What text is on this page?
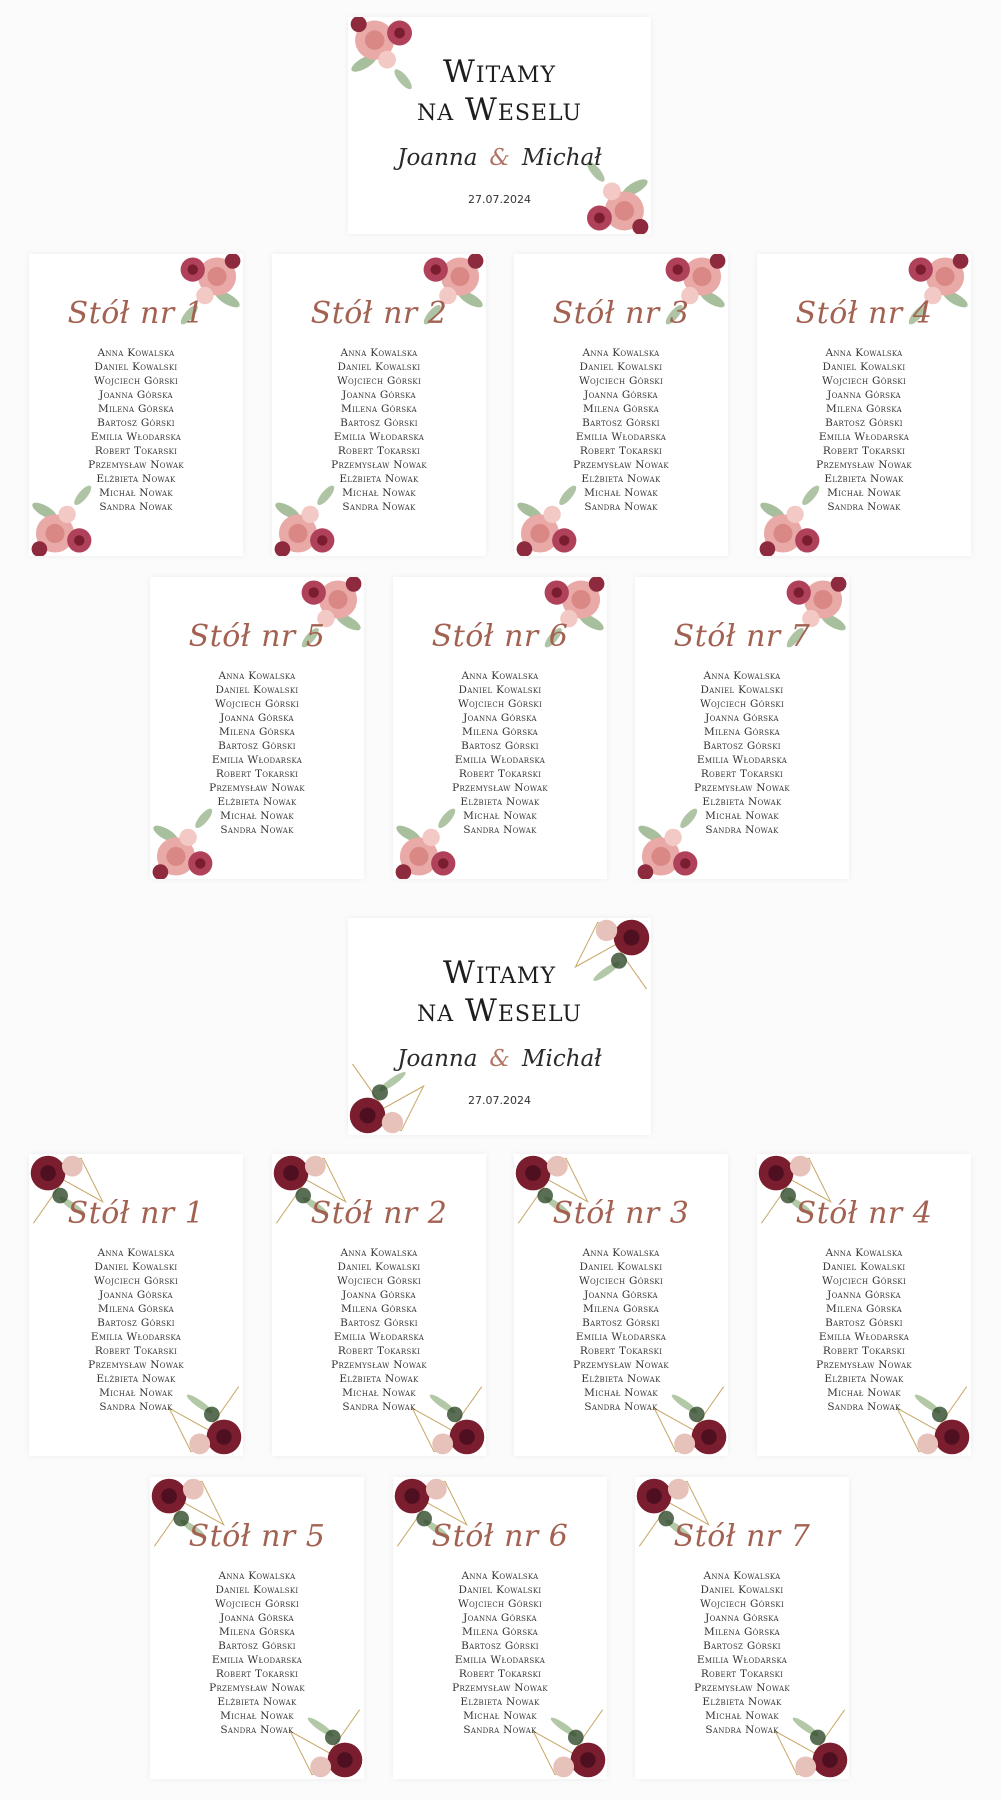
Witamy
na Weselu
Joanna & Michał
27.07.2024
Stół nr 1
Anna Kowalska
Daniel Kowalski
Wojciech Górski
Joanna Górska
Milena Górska
Bartosz Górski
Emilia Włodarska
Robert Tokarski
Przemysław Nowak
Elżbieta Nowak
Michał Nowak
Sandra Nowak
Stół nr 2
Anna Kowalska
Daniel Kowalski
Wojciech Górski
Joanna Górska
Milena Górska
Bartosz Górski
Emilia Włodarska
Robert Tokarski
Przemysław Nowak
Elżbieta Nowak
Michał Nowak
Sandra Nowak
Stół nr 3
Anna Kowalska
Daniel Kowalski
Wojciech Górski
Joanna Górska
Milena Górska
Bartosz Górski
Emilia Włodarska
Robert Tokarski
Przemysław Nowak
Elżbieta Nowak
Michał Nowak
Sandra Nowak
Stół nr 4
Anna Kowalska
Daniel Kowalski
Wojciech Górski
Joanna Górska
Milena Górska
Bartosz Górski
Emilia Włodarska
Robert Tokarski
Przemysław Nowak
Elżbieta Nowak
Michał Nowak
Sandra Nowak
Stół nr 5
Anna Kowalska
Daniel Kowalski
Wojciech Górski
Joanna Górska
Milena Górska
Bartosz Górski
Emilia Włodarska
Robert Tokarski
Przemysław Nowak
Elżbieta Nowak
Michał Nowak
Sandra Nowak
Stół nr 6
Anna Kowalska
Daniel Kowalski
Wojciech Górski
Joanna Górska
Milena Górska
Bartosz Górski
Emilia Włodarska
Robert Tokarski
Przemysław Nowak
Elżbieta Nowak
Michał Nowak
Sandra Nowak
Stół nr 7
Anna Kowalska
Daniel Kowalski
Wojciech Górski
Joanna Górska
Milena Górska
Bartosz Górski
Emilia Włodarska
Robert Tokarski
Przemysław Nowak
Elżbieta Nowak
Michał Nowak
Sandra Nowak
Witamy
na Weselu
Joanna & Michał
27.07.2024
Stół nr 1
Anna Kowalska
Daniel Kowalski
Wojciech Górski
Joanna Górska
Milena Górska
Bartosz Górski
Emilia Włodarska
Robert Tokarski
Przemysław Nowak
Elżbieta Nowak
Michał Nowak
Sandra Nowak
Stół nr 2
Anna Kowalska
Daniel Kowalski
Wojciech Górski
Joanna Górska
Milena Górska
Bartosz Górski
Emilia Włodarska
Robert Tokarski
Przemysław Nowak
Elżbieta Nowak
Michał Nowak
Sandra Nowak
Stół nr 3
Anna Kowalska
Daniel Kowalski
Wojciech Górski
Joanna Górska
Milena Górska
Bartosz Górski
Emilia Włodarska
Robert Tokarski
Przemysław Nowak
Elżbieta Nowak
Michał Nowak
Sandra Nowak
Stół nr 4
Anna Kowalska
Daniel Kowalski
Wojciech Górski
Joanna Górska
Milena Górska
Bartosz Górski
Emilia Włodarska
Robert Tokarski
Przemysław Nowak
Elżbieta Nowak
Michał Nowak
Sandra Nowak
Stół nr 5
Anna Kowalska
Daniel Kowalski
Wojciech Górski
Joanna Górska
Milena Górska
Bartosz Górski
Emilia Włodarska
Robert Tokarski
Przemysław Nowak
Elżbieta Nowak
Michał Nowak
Sandra Nowak
Stół nr 6
Anna Kowalska
Daniel Kowalski
Wojciech Górski
Joanna Górska
Milena Górska
Bartosz Górski
Emilia Włodarska
Robert Tokarski
Przemysław Nowak
Elżbieta Nowak
Michał Nowak
Sandra Nowak
Stół nr 7
Anna Kowalska
Daniel Kowalski
Wojciech Górski
Joanna Górska
Milena Górska
Bartosz Górski
Emilia Włodarska
Robert Tokarski
Przemysław Nowak
Elżbieta Nowak
Michał Nowak
Sandra Nowak
